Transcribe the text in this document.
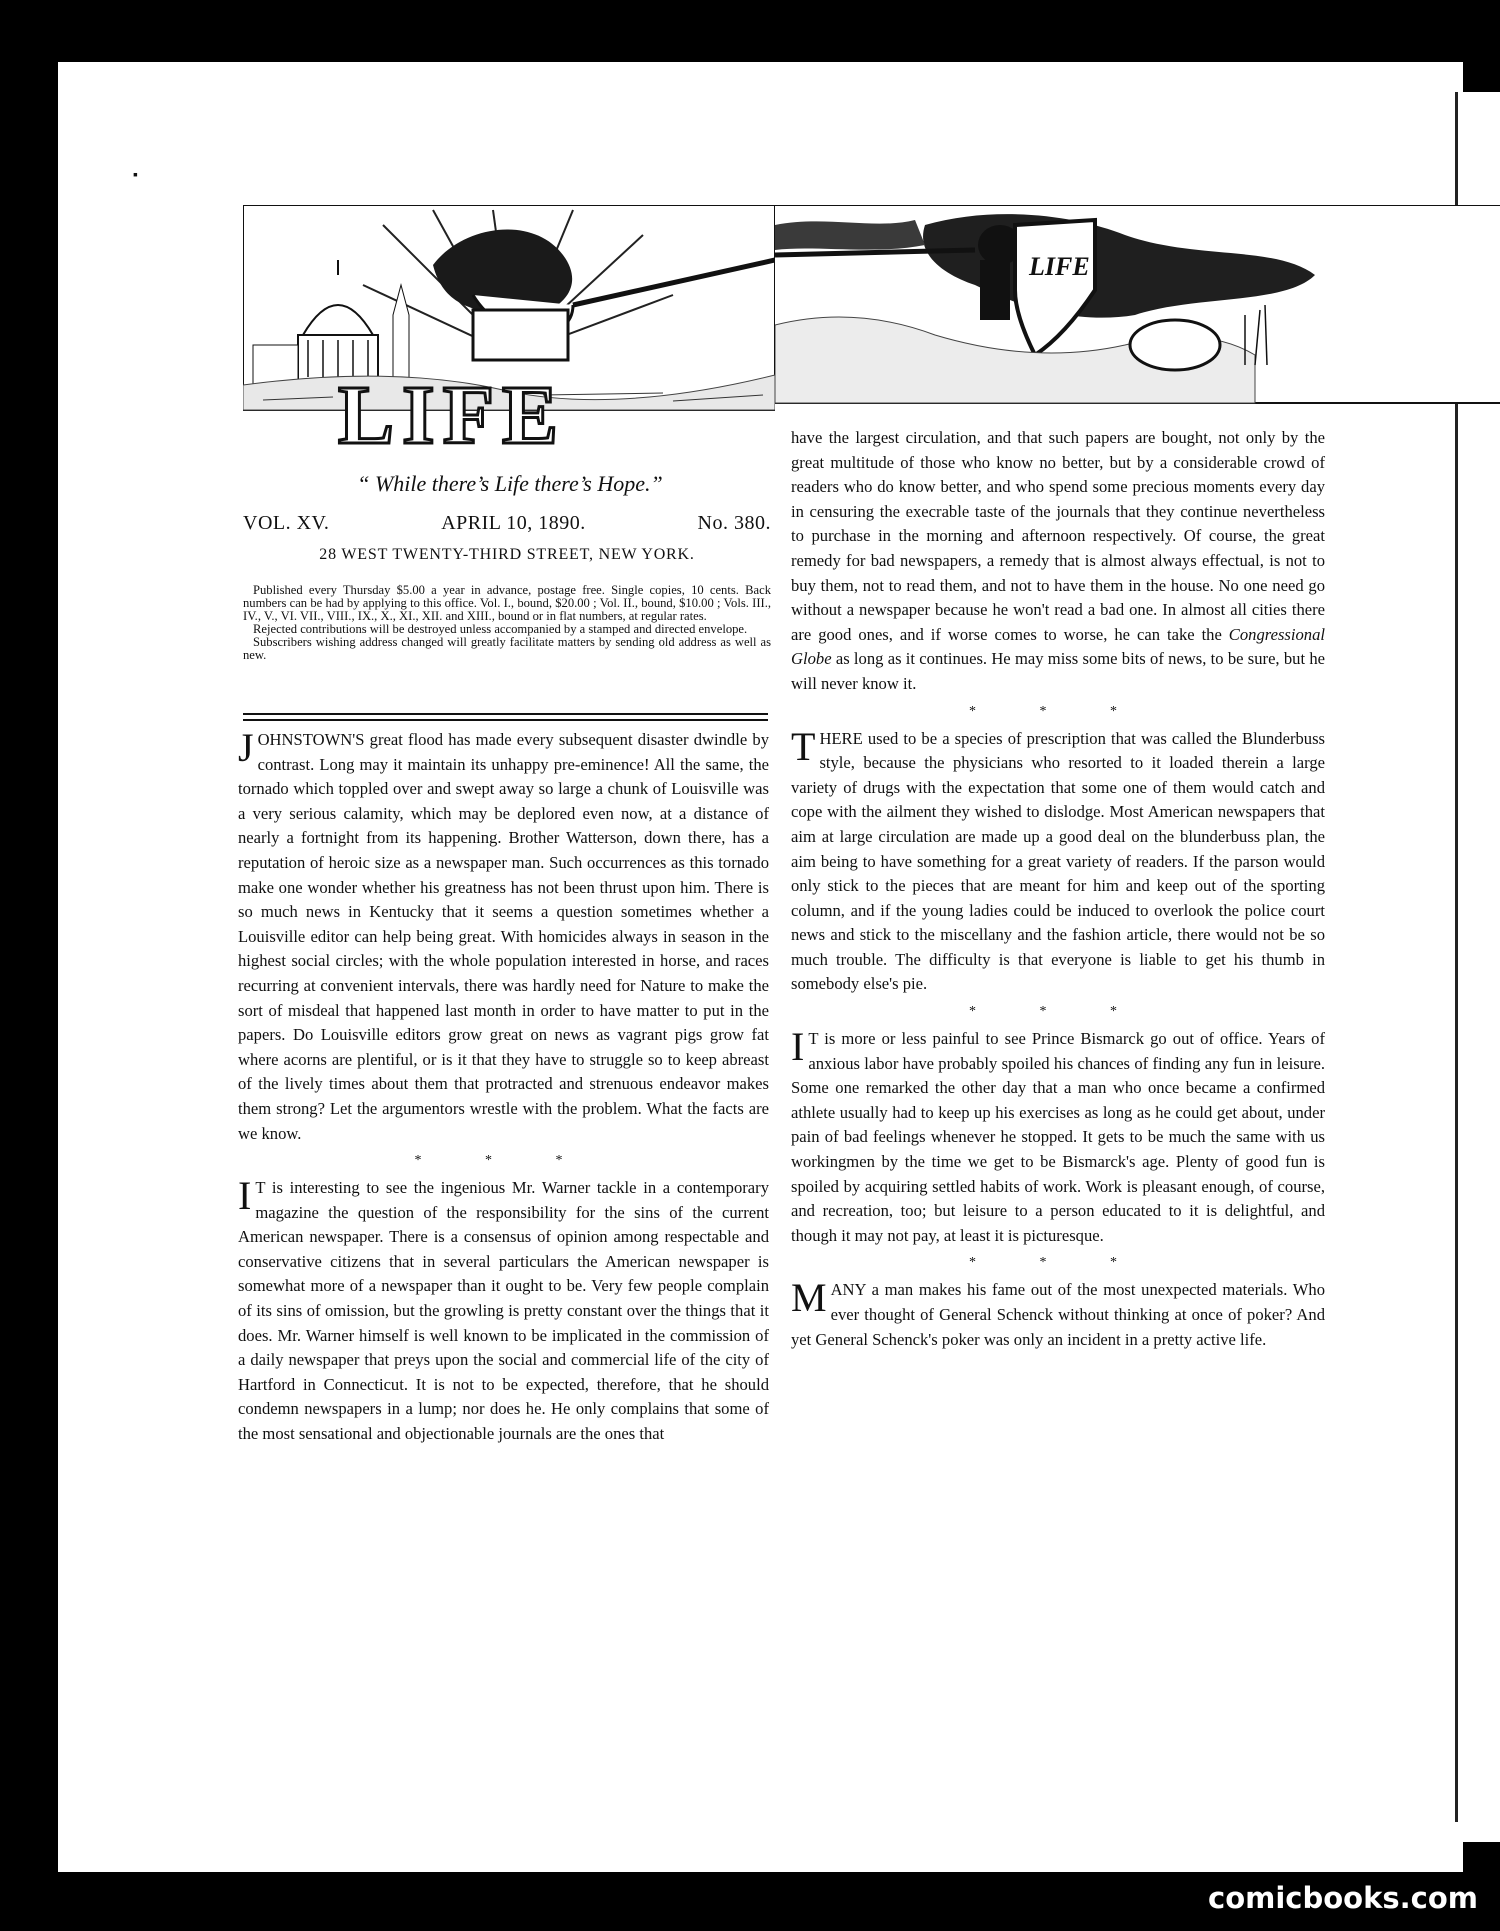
▪
LIFE
LIFE
“ While there’s Life there’s Hope.”
VOL. XV.	APRIL 10, 1890.	No. 380.
28 WEST TWENTY-THIRD STREET, NEW YORK.

Published every Thursday $5.00 a year in advance, postage free. Single copies, 10 cents. Back numbers can be had by applying to this office. Vol. I., bound, $20.00 ; Vol. II., bound, $10.00 ; Vols. III., IV., V., VI. VII., VIII., IX., X., XI., XII. and XIII., bound or in flat numbers, at regular rates.

Rejected contributions will be destroyed unless accompanied by a stamped and directed envelope.

Subscribers wishing address changed will greatly facilitate matters by sending old address as well as new.

JOHNSTOWN'S great flood has made every subsequent disaster dwindle by contrast. Long may it maintain its unhappy pre-eminence! All the same, the tornado which toppled over and swept away so large a chunk of Louisville was a very serious calamity, which may be deplored even now, at a distance of nearly a fortnight from its happening. Brother Watterson, down there, has a reputation of heroic size as a newspaper man. Such occurrences as this tornado make one wonder whether his greatness has not been thrust upon him. There is so much news in Kentucky that it seems a question sometimes whether a Louisville editor can help being great. With homicides always in season in the highest social circles; with the whole population interested in horse, and races recurring at convenient intervals, there was hardly need for Nature to make the sort of misdeal that happened last month in order to have matter to put in the papers. Do Louisville editors grow great on news as vagrant pigs grow fat where acorns are plentiful, or is it that they have to struggle so to keep abreast of the lively times about them that protracted and strenuous endeavor makes them strong? Let the argumentors wrestle with the problem. What the facts are we know.

* * *

I T is interesting to see the ingenious Mr. Warner tackle in a contemporary magazine the question of the responsibility for the sins of the current American newspaper. There is a consensus of opinion among respectable and conservative citizens that in several particulars the American newspaper is somewhat more of a newspaper than it ought to be. Very few people complain of its sins of omission, but the growling is pretty constant over the things that it does. Mr. Warner himself is well known to be implicated in the commission of a daily newspaper that preys upon the social and commercial life of the city of Hartford in Connecticut. It is not to be expected, therefore, that he should condemn newspapers in a lump; nor does he. He only complains that some of the most sensational and objectionable journals are the ones that

have the largest circulation, and that such papers are bought, not only by the great multitude of those who know no better, but by a considerable crowd of readers who do know better, and who spend some precious moments every day in censuring the execrable taste of the journals that they continue nevertheless to purchase in the morning and afternoon respectively. Of course, the great remedy for bad newspapers, a remedy that is almost always effectual, is not to buy them, not to read them, and not to have them in the house. No one need go without a newspaper because he won't read a bad one. In almost all cities there are good ones, and if worse comes to worse, he can take the Congressional Globe as long as it continues. He may miss some bits of news, to be sure, but he will never know it.

* * *

THERE used to be a species of prescription that was called the Blunderbuss style, because the physicians who resorted to it loaded therein a large variety of drugs with the expectation that some one of them would catch and cope with the ailment they wished to dislodge. Most American newspapers that aim at large circulation are made up a good deal on the blunderbuss plan, the aim being to have something for a great variety of readers. If the parson would only stick to the pieces that are meant for him and keep out of the sporting column, and if the young ladies could be induced to overlook the police court news and stick to the miscellany and the fashion article, there would not be so much trouble. The difficulty is that everyone is liable to get his thumb in somebody else's pie.

* * *

I T is more or less painful to see Prince Bismarck go out of office. Years of anxious labor have probably spoiled his chances of finding any fun in leisure. Some one remarked the other day that a man who once became a confirmed athlete usually had to keep up his exercises as long as he could get about, under pain of bad feelings whenever he stopped. It gets to be much the same with us workingmen by the time we get to be Bismarck's age. Plenty of good fun is spoiled by acquiring settled habits of work. Work is pleasant enough, of course, and recreation, too; but leisure to a person educated to it is delightful, and though it may not pay, at least it is picturesque.

* * *

MANY a man makes his fame out of the most unexpected materials. Who ever thought of General Schenck without thinking at once of poker? And yet General Schenck's poker was only an incident in a pretty active life.

comicbooks.com
